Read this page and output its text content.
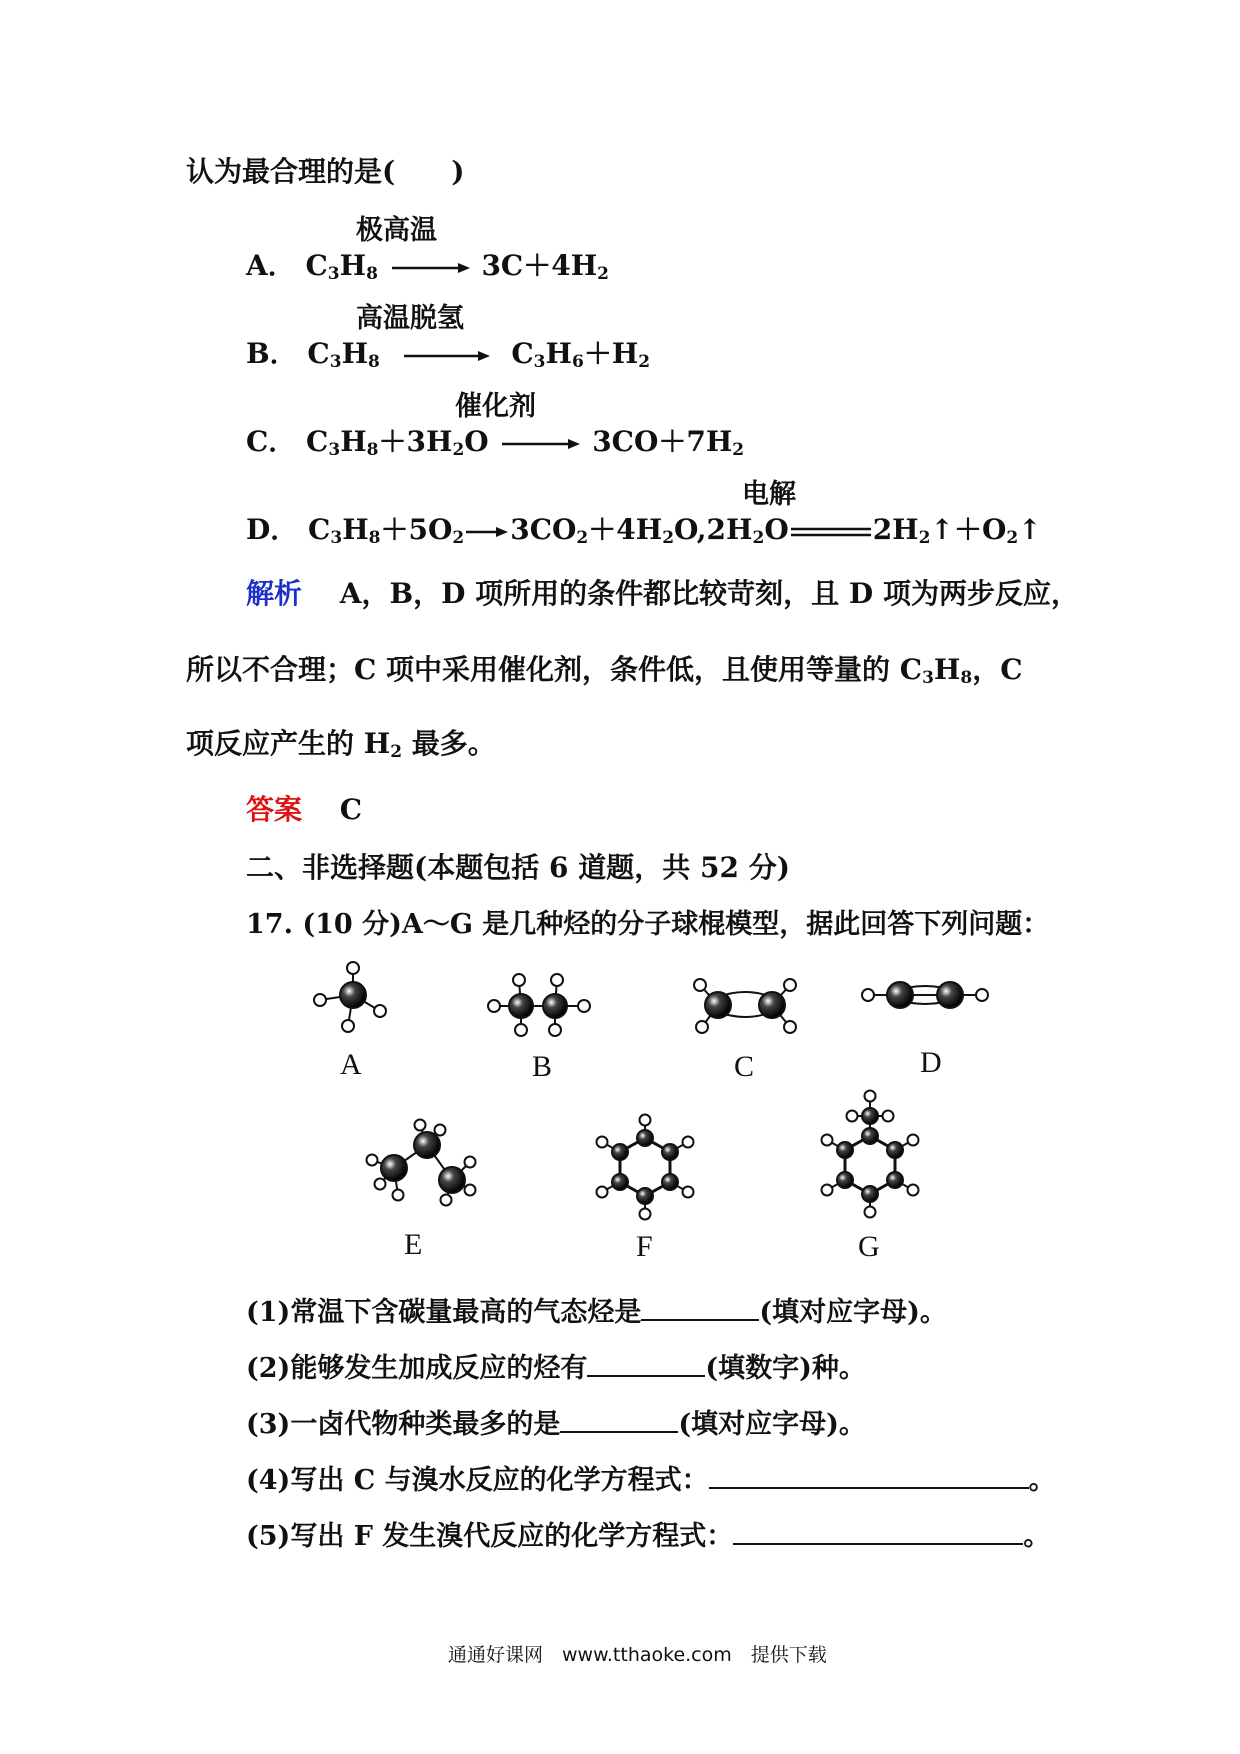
认为最合理的是(　　)
极高温
A． $C_3H_8$	$3C+4H_2$
高温脱氢
B． $C_3H_8$	$C_3H_6+H_2$
催化剂
C． $C_3H_8+3H_2O$	$3CO+7H_2$
电解
D． $C_3H_8+5O_2$ $3CO_2+4H_2O,2H_2O$	$2H_2↑+O_2↑$
解析　 A，B，D 项所用的条件都比较苛刻，且 D 项为两步反应，
所以不合理；C 项中采用催化剂，条件低，且使用等量的 $C_3H_8$，C
项反应产生的 $H_2$ 最多。
答案　 C
二、非选择题(本题包括 6 道题，共 52 分)
17. (10 分)A～G 是几种烃的分子球棍模型，据此回答下列问题：
A	B	C	D
E	F	G
(1)常温下含碳量最高的气态烃是	(填对应字母)。
(2)能够发生加成反应的烃有	(填数字)种。
(3)一卤代物种类最多的是	(填对应字母)。
(4)写出 C 与溴水反应的化学方程式：	。
(5)写出 F 发生溴代反应的化学方程式：	。
通通好课网　www.tthaoke.com　提供下载
